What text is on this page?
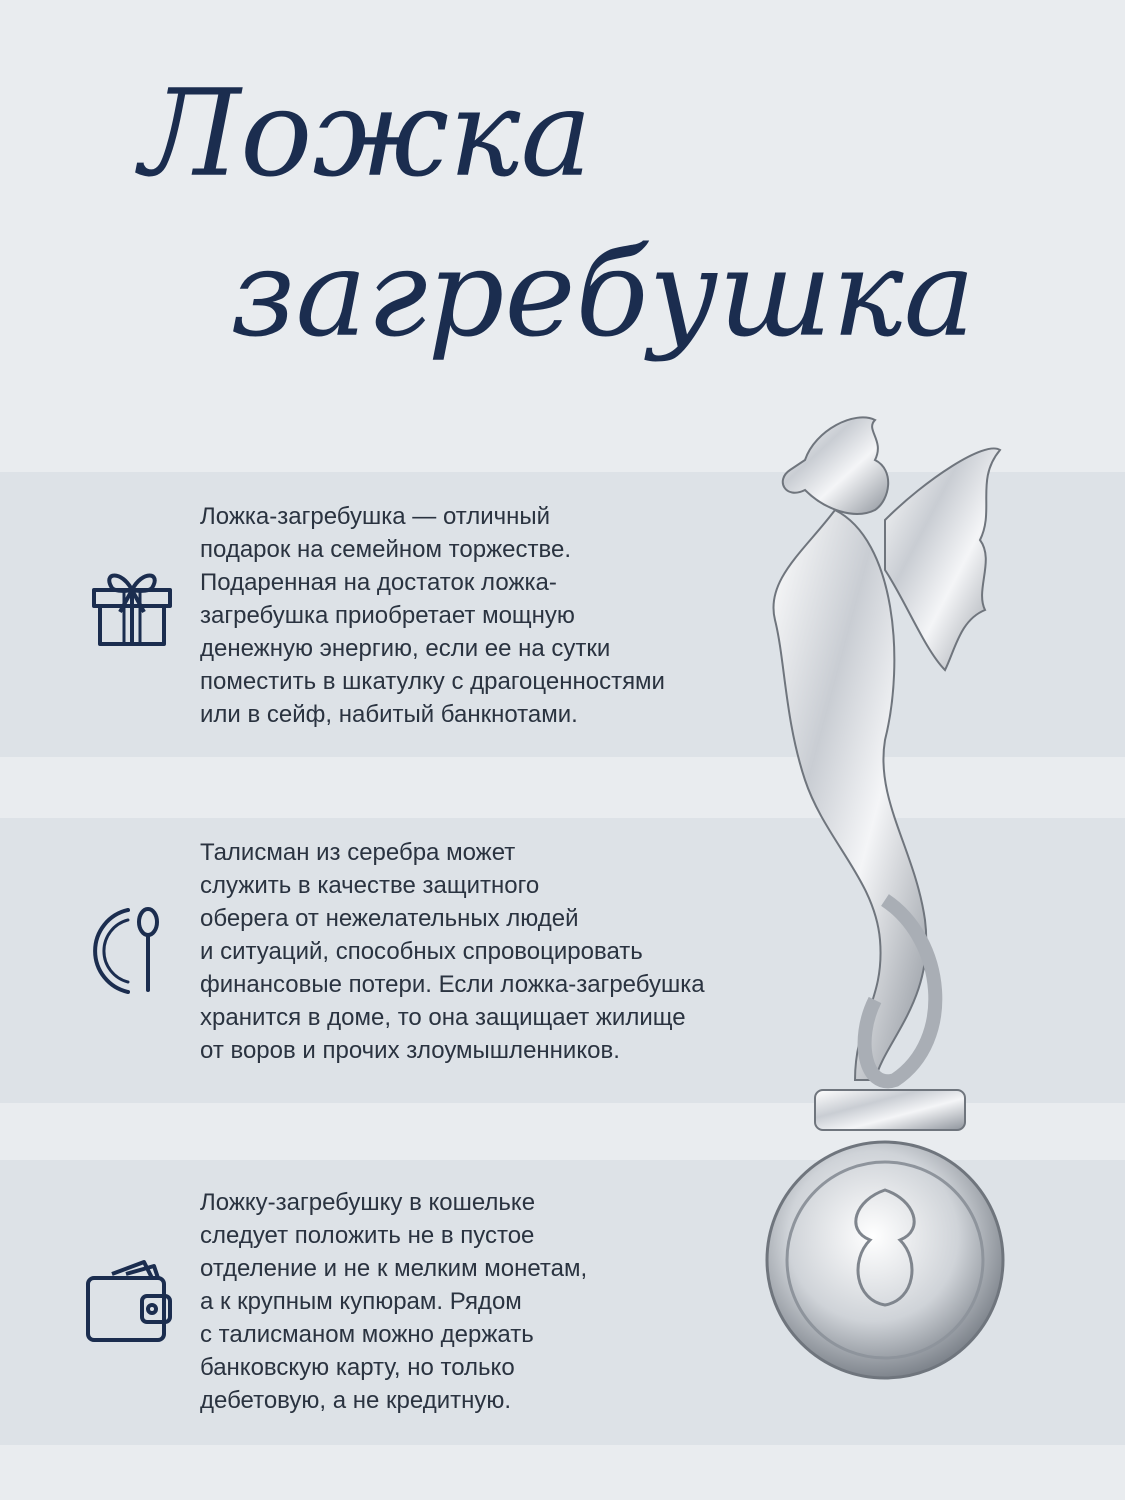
Ложка
загребушка
Ложка-загребушка — отличный
подарок на семейном торжестве.
Подаренная на достаток ложка-
загребушка приобретает мощную
денежную энергию, если ее на сутки
поместить в шкатулку с драгоценностями
или в сейф, набитый банкнотами.
Талисман из серебра может
служить в качестве защитного
оберега от нежелательных людей
и ситуаций, способных спровоцировать
финансовые потери. Если ложка-загребушка
хранится в доме, то она защищает жилище
от воров и прочих злоумышленников.
Ложку-загребушку в кошельке
следует положить не в пустое
отделение и не к мелким монетам,
а к крупным купюрам. Рядом
с талисманом можно держать
банковскую карту, но только
дебетовую, а не кредитную.
